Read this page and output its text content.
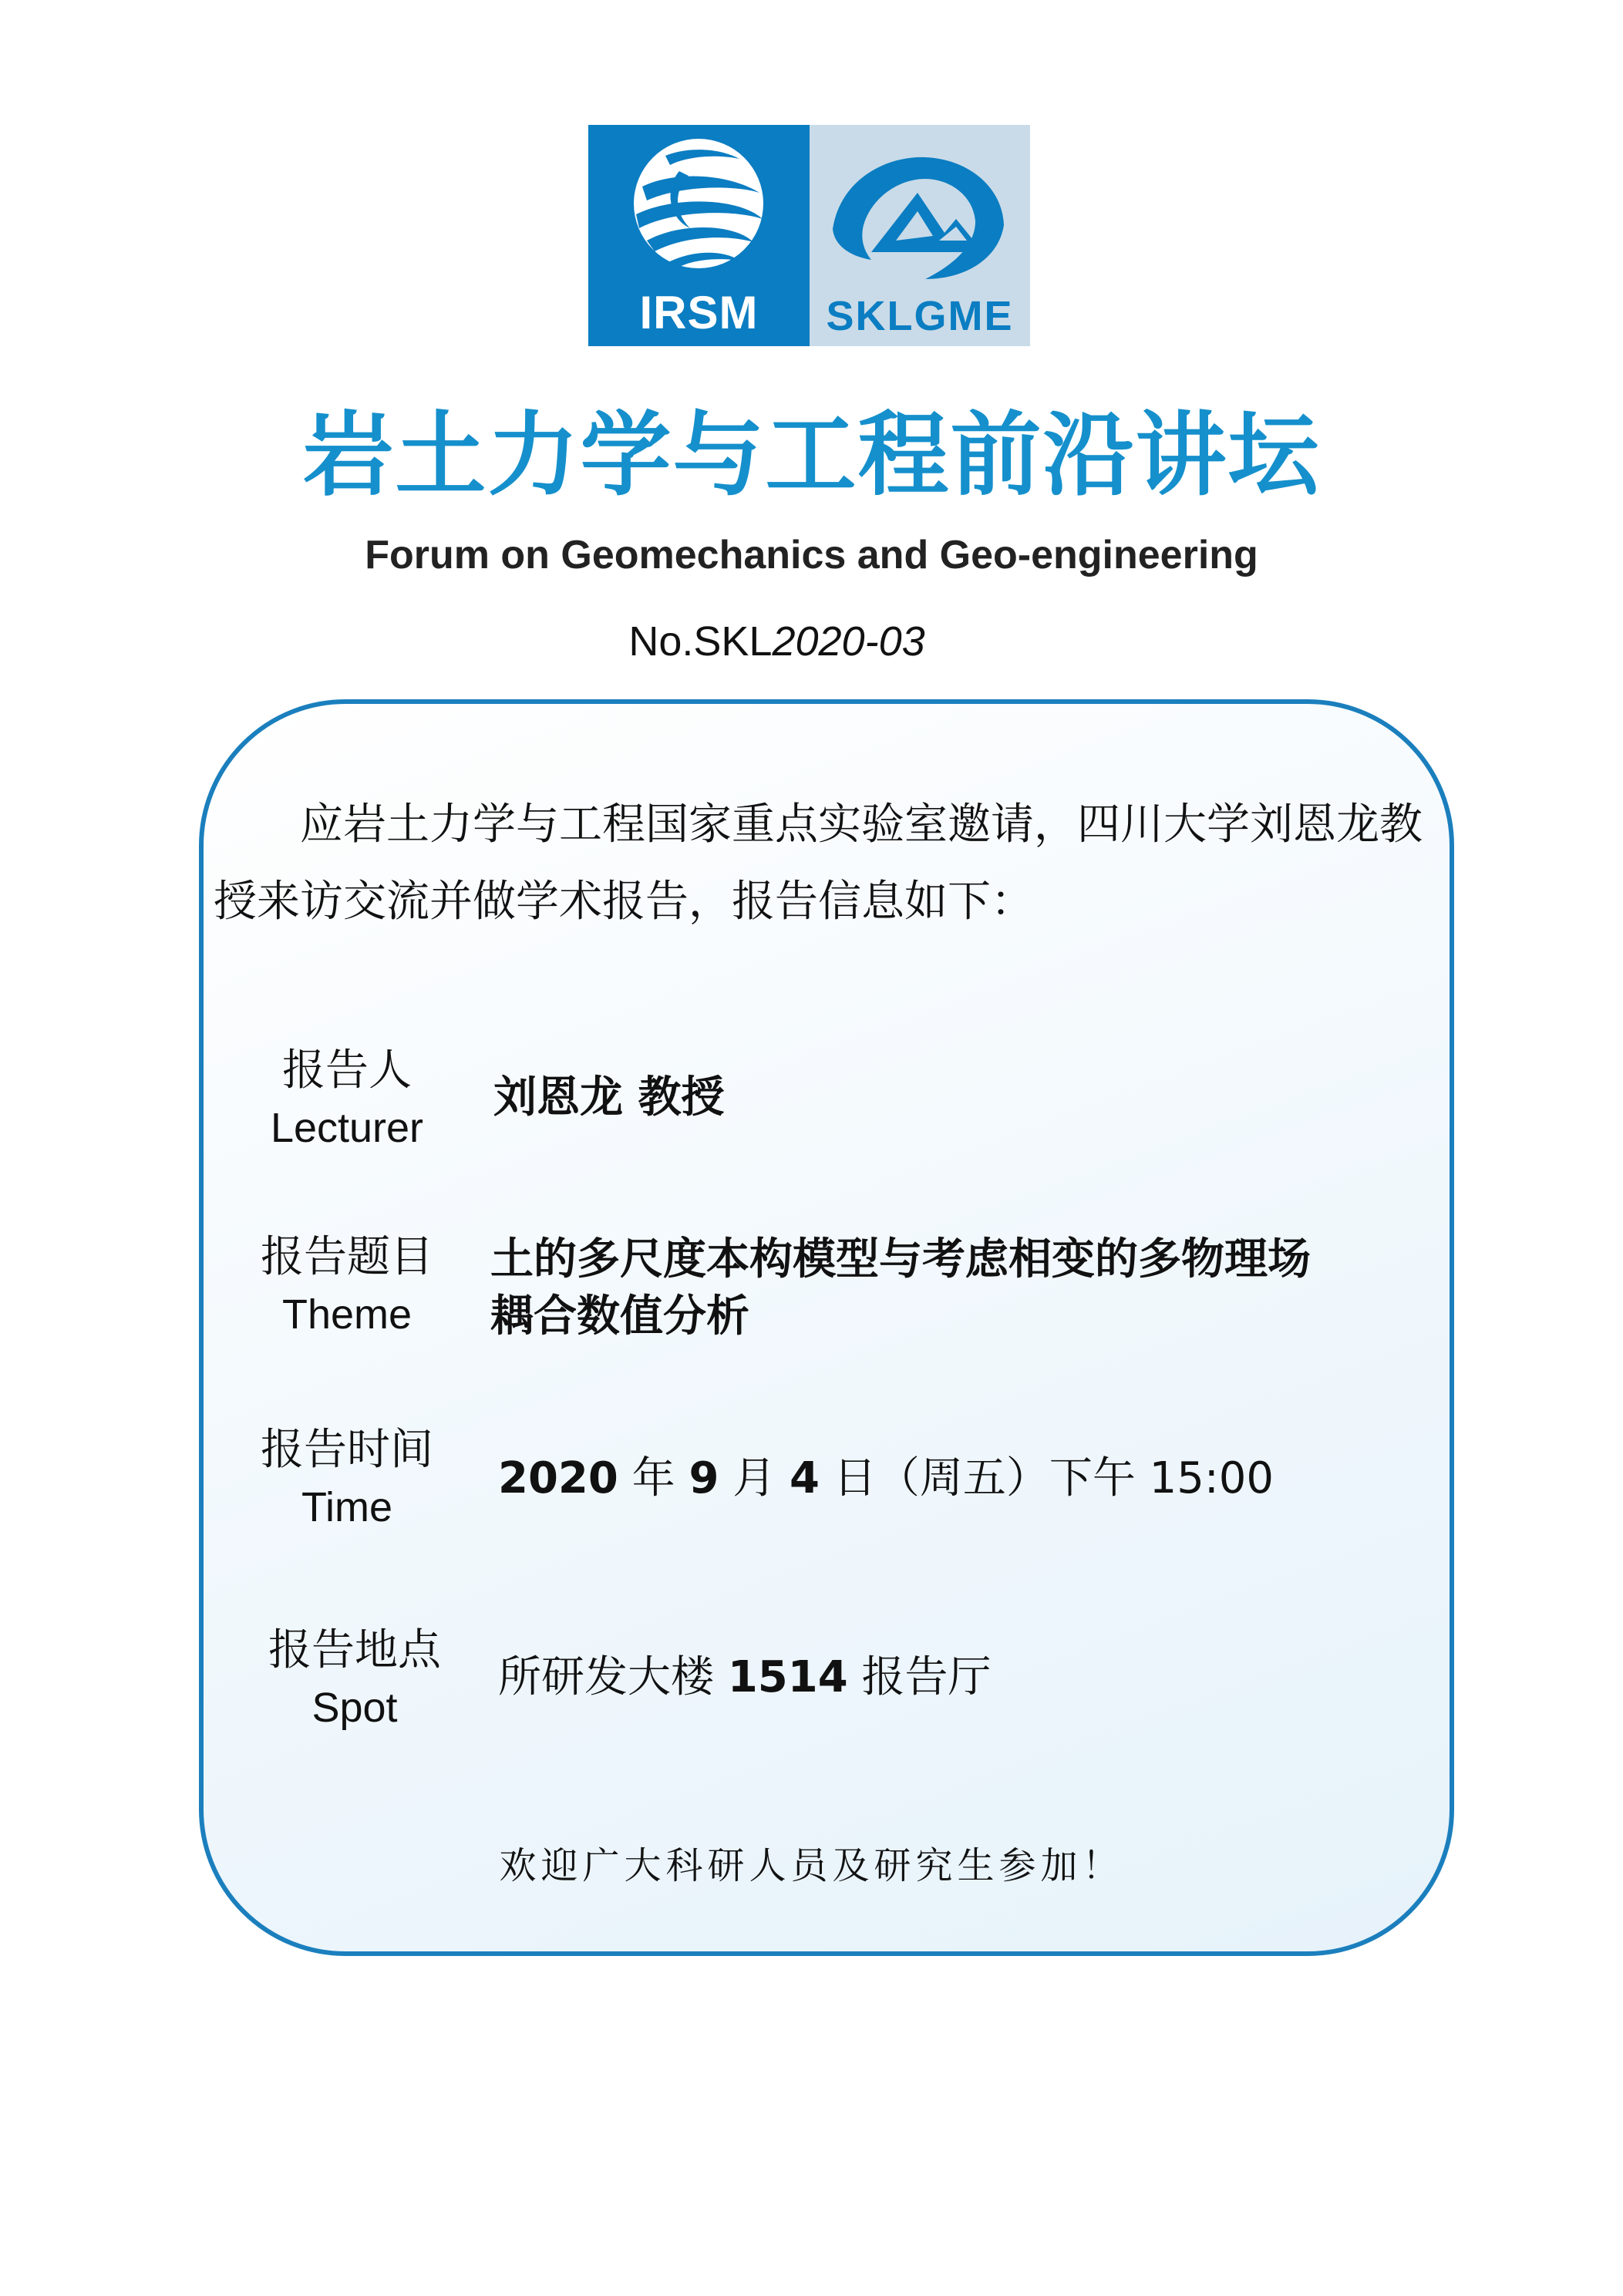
IRSM	SKLGME
岩土力学与工程前沿讲坛
Forum on Geomechanics and Geo-engineering
No.SKL2020-03
应岩土力学与工程国家重点实验室邀请，四川大学刘恩龙教授来访交流并做学术报告，报告信息如下：
报告人
Lecturer
刘恩龙 教授
报告题目
Theme
土的多尺度本构模型与考虑相变的多物理场
耦合数值分析
报告时间
Time
2020 年 9 月 4 日（周五）下午 15:00
报告地点
Spot
所研发大楼 1514 报告厅
欢迎广大科研人员及研究生参加！
